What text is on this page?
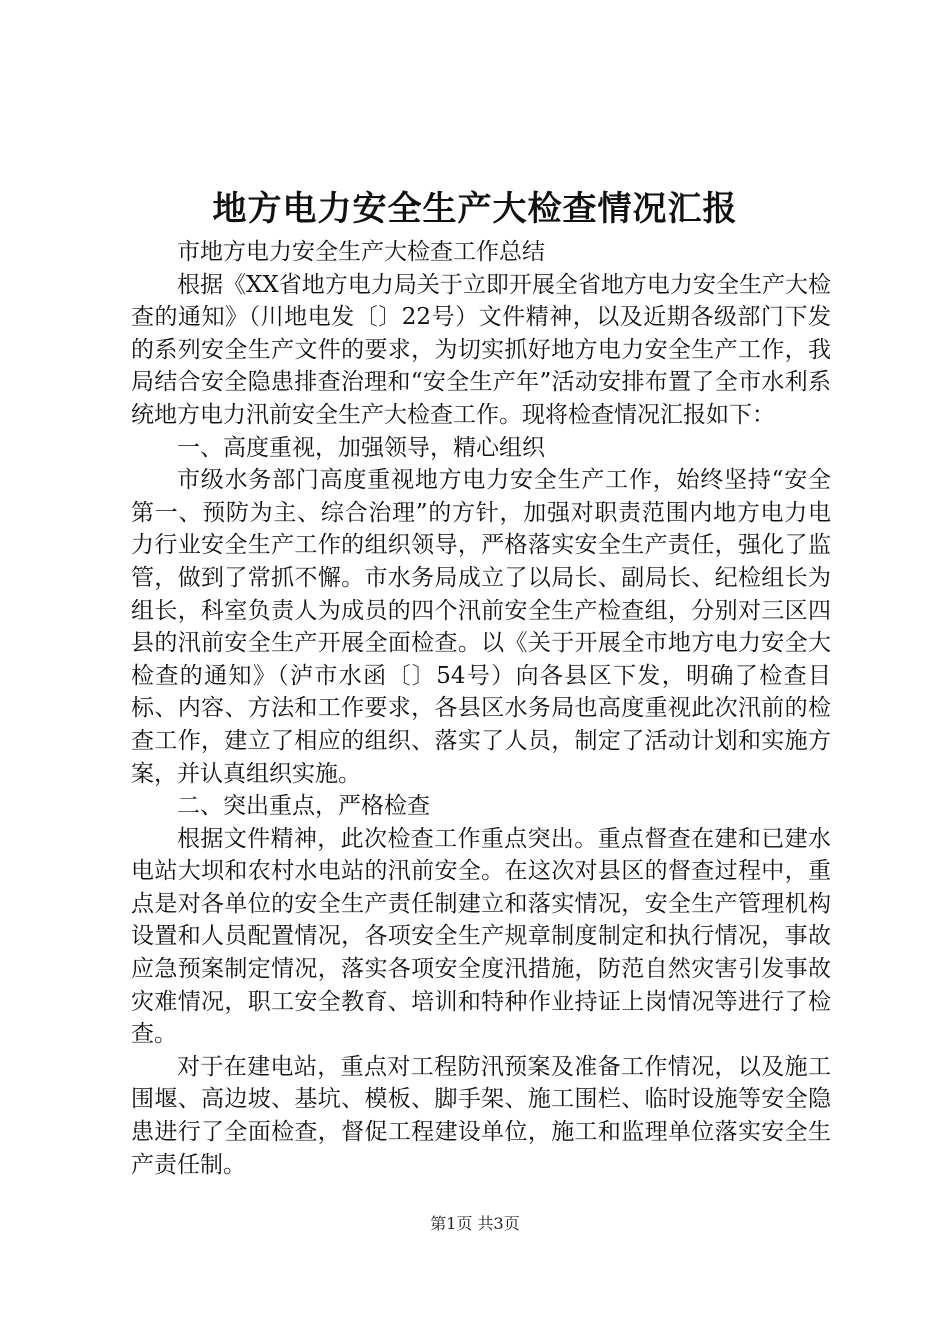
地方电力安全生产大检查情况汇报

市地方电力安全生产大检查工作总结

根据《XX省地方电力局关于立即开展全省地方电力安全生产大检查的通知》（川地电发〔〕22号）文件精神，以及近期各级部门下发的系列安全生产文件的要求，为切实抓好地方电力安全生产工作，我局结合安全隐患排查治理和“安全生产年”活动安排布置了全市水利系统地方电力汛前安全生产大检查工作。现将检查情况汇报如下：

一、高度重视，加强领导，精心组织

市级水务部门高度重视地方电力安全生产工作，始终坚持“安全第一、预防为主、综合治理”的方针，加强对职责范围内地方电力电力行业安全生产工作的组织领导，严格落实安全生产责任，强化了监管，做到了常抓不懈。市水务局成立了以局长、副局长、纪检组长为组长，科室负责人为成员的四个汛前安全生产检查组，分别对三区四县的汛前安全生产开展全面检查。以《关于开展全市地方电力安全大检查的通知》（泸市水函〔〕54号）向各县区下发，明确了检查目标、内容、方法和工作要求，各县区水务局也高度重视此次汛前的检查工作，建立了相应的组织、落实了人员，制定了活动计划和实施方案，并认真组织实施。

二、突出重点，严格检查

根据文件精神，此次检查工作重点突出。重点督查在建和已建水电站大坝和农村水电站的汛前安全。在这次对县区的督查过程中，重点是对各单位的安全生产责任制建立和落实情况，安全生产管理机构设置和人员配置情况，各项安全生产规章制度制定和执行情况，事故应急预案制定情况，落实各项安全度汛措施，防范自然灾害引发事故灾难情况，职工安全教育、培训和特种作业持证上岗情况等进行了检查。

对于在建电站，重点对工程防汛预案及准备工作情况，以及施工围堰、高边坡、基坑、模板、脚手架、施工围栏、临时设施等安全隐患进行了全面检查，督促工程建设单位，施工和监理单位落实安全生产责任制。

第1页 共3页
